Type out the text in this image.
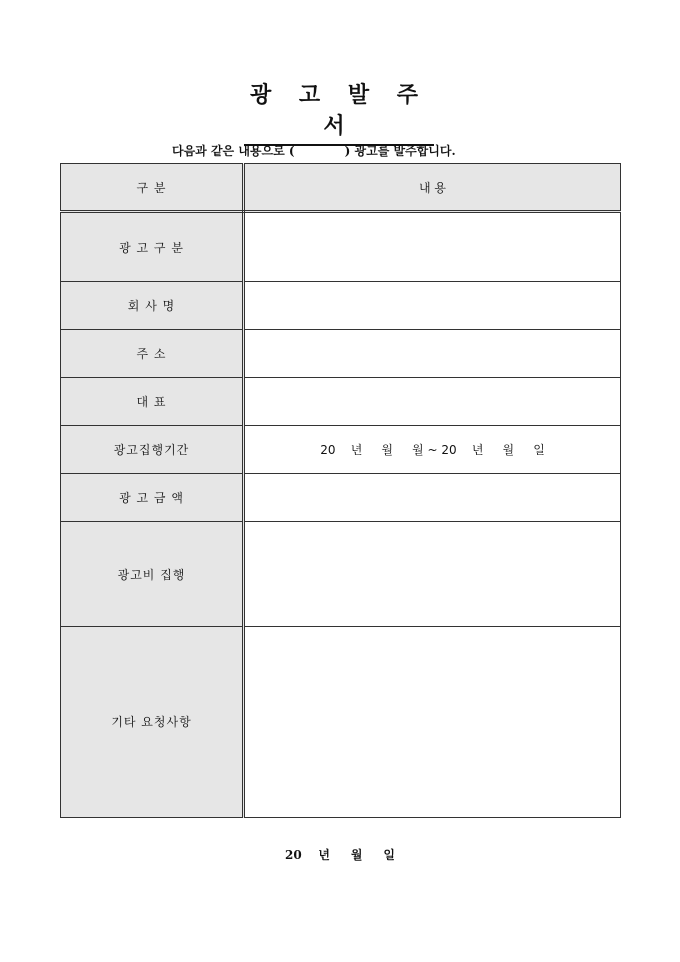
광 고 발 주 서
다음과 같은 내용으로 (            ) 광고를 발주합니다.
구 분	내 용
광 고 구 분	
회 사 명	
주 소	
대 표	
광고집행기간	20    년     월     월 ~ 20    년     월     일
광 고 금 액	
광고비 집행	
기타 요청사항	
20    년     월     일
